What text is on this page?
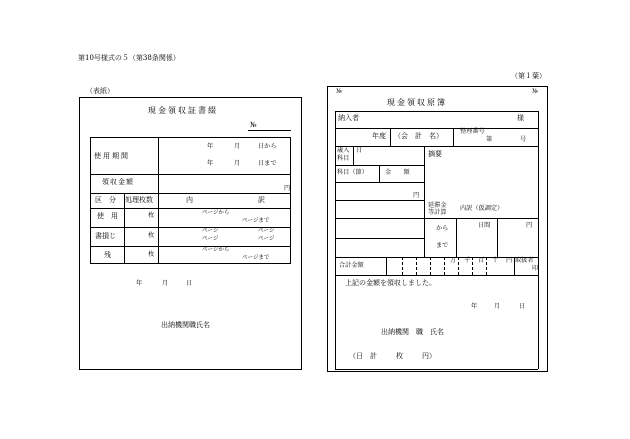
第10号様式の５（第38条関係）
（第１葉）
（表紙）
現金領収証書綴
№
使用期間
年	月	日から
年	月	日まで
領収金額
円
区　分 処理枚数	内	訳
使　用	枚	ページから
ページまで
書損じ	枚
ページ	ページ
ページ	ページ
残	枚
ページから
ページまで
年	月	日
出納機関職氏名
№	№
現金領収原簿
納入者	様
年度 （会　計　名）
整理番号
第	号
歳入
科目
日	摘要
科目（節）	金　　額
円
延滞金
等計算
内訳（仮調定）
から
まで
日間	円
合計金額
万 千 百 十 円 取扱者
印
上記の金額を領収しました。
年	月	日
出納機関　職　氏名
（日　計	枚	円）
